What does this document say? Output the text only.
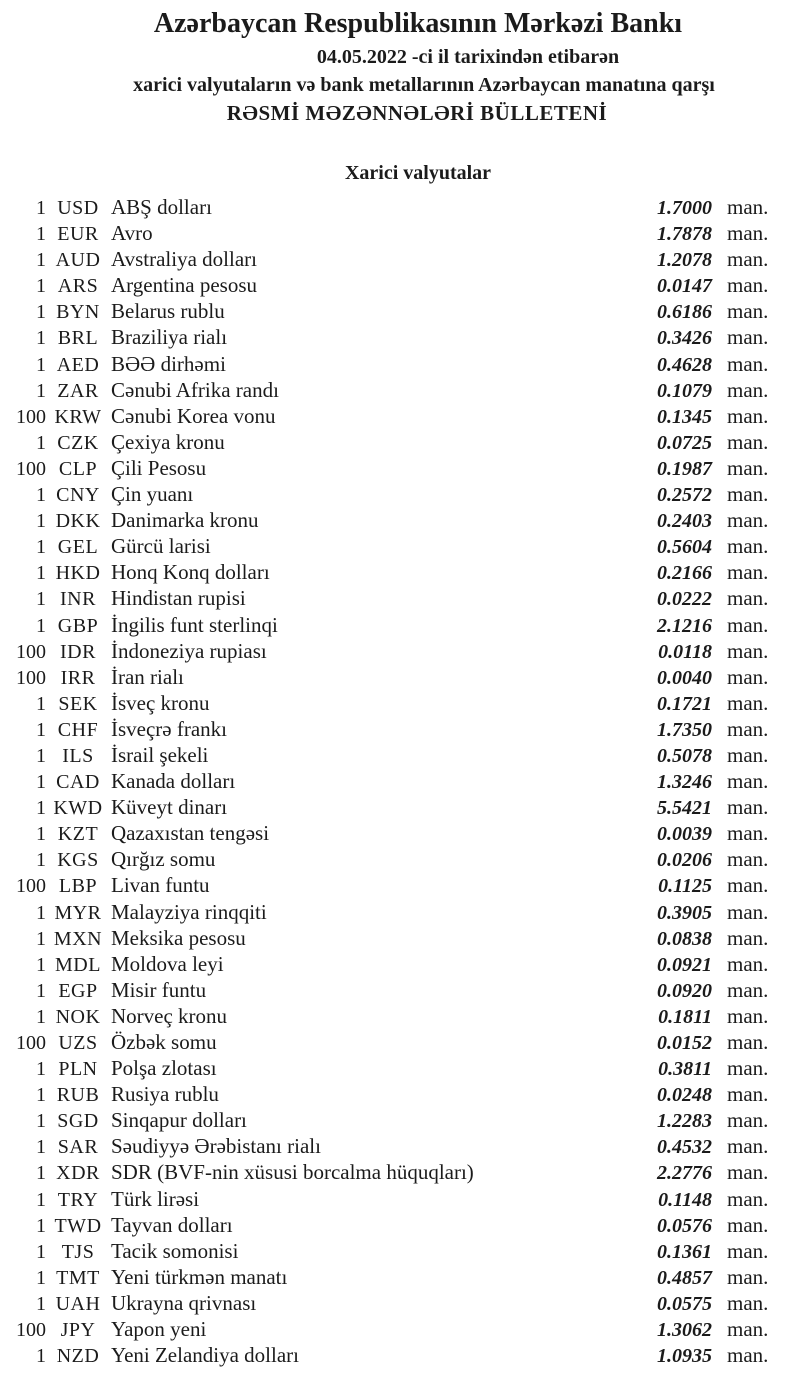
Azərbaycan Respublikasının Mərkəzi Bankı
04.05.2022 -ci il tarixindən etibarən
xarici valyutaların və bank metallarının Azərbaycan manatına qarşı
RƏSMİ MƏZƏNNƏLƏRİ BÜLLETENİ
Xarici valyutalar
1 USD ABŞ dolları	1.7000 man.
1 EUR Avro	1.7878 man.
1 AUD Avstraliya dolları	1.2078 man.
1 ARS Argentina pesosu	0.0147 man.
1 BYN Belarus rublu	0.6186 man.
1 BRL Braziliya rialı	0.3426 man.
1 AED BƏƏ dirhəmi	0.4628 man.
1 ZAR Cənubi Afrika randı	0.1079 man.
100 KRW Cənubi Korea vonu	0.1345 man.
1 CZK Çexiya kronu	0.0725 man.
100 CLP Çili Pesosu	0.1987 man.
1 CNY Çin yuanı	0.2572 man.
1 DKK Danimarka kronu	0.2403 man.
1 GEL Gürcü larisi	0.5604 man.
1 HKD Honq Konq dolları	0.2166 man.
1 INR Hindistan rupisi	0.0222 man.
1 GBP İngilis funt sterlinqi	2.1216 man.
100 IDR İndoneziya rupiası	0.0118 man.
100 IRR İran rialı	0.0040 man.
1 SEK İsveç kronu	0.1721 man.
1 CHF İsveçrə frankı	1.7350 man.
1 ILS İsrail şekeli	0.5078 man.
1 CAD Kanada dolları	1.3246 man.
1 KWD Küveyt dinarı	5.5421 man.
1 KZT Qazaxıstan tengəsi	0.0039 man.
1 KGS Qırğız somu	0.0206 man.
100 LBP Livan funtu	0.1125 man.
1 MYR Malayziya rinqqiti	0.3905 man.
1 MXN Meksika pesosu	0.0838 man.
1 MDL Moldova leyi	0.0921 man.
1 EGP Misir funtu	0.0920 man.
1 NOK Norveç kronu	0.1811 man.
100 UZS Özbək somu	0.0152 man.
1 PLN Polşa zlotası	0.3811 man.
1 RUB Rusiya rublu	0.0248 man.
1 SGD Sinqapur dolları	1.2283 man.
1 SAR Səudiyyə Ərəbistanı rialı	0.4532 man.
1 XDR SDR (BVF-nin xüsusi borcalma hüquqları)	2.2776 man.
1 TRY Türk lirəsi	0.1148 man.
1 TWD Tayvan dolları	0.0576 man.
1 TJS Tacik somonisi	0.1361 man.
1 TMT Yeni türkmən manatı	0.4857 man.
1 UAH Ukrayna qrivnası	0.0575 man.
100 JPY Yapon yeni	1.3062 man.
1 NZD Yeni Zelandiya dolları	1.0935 man.
